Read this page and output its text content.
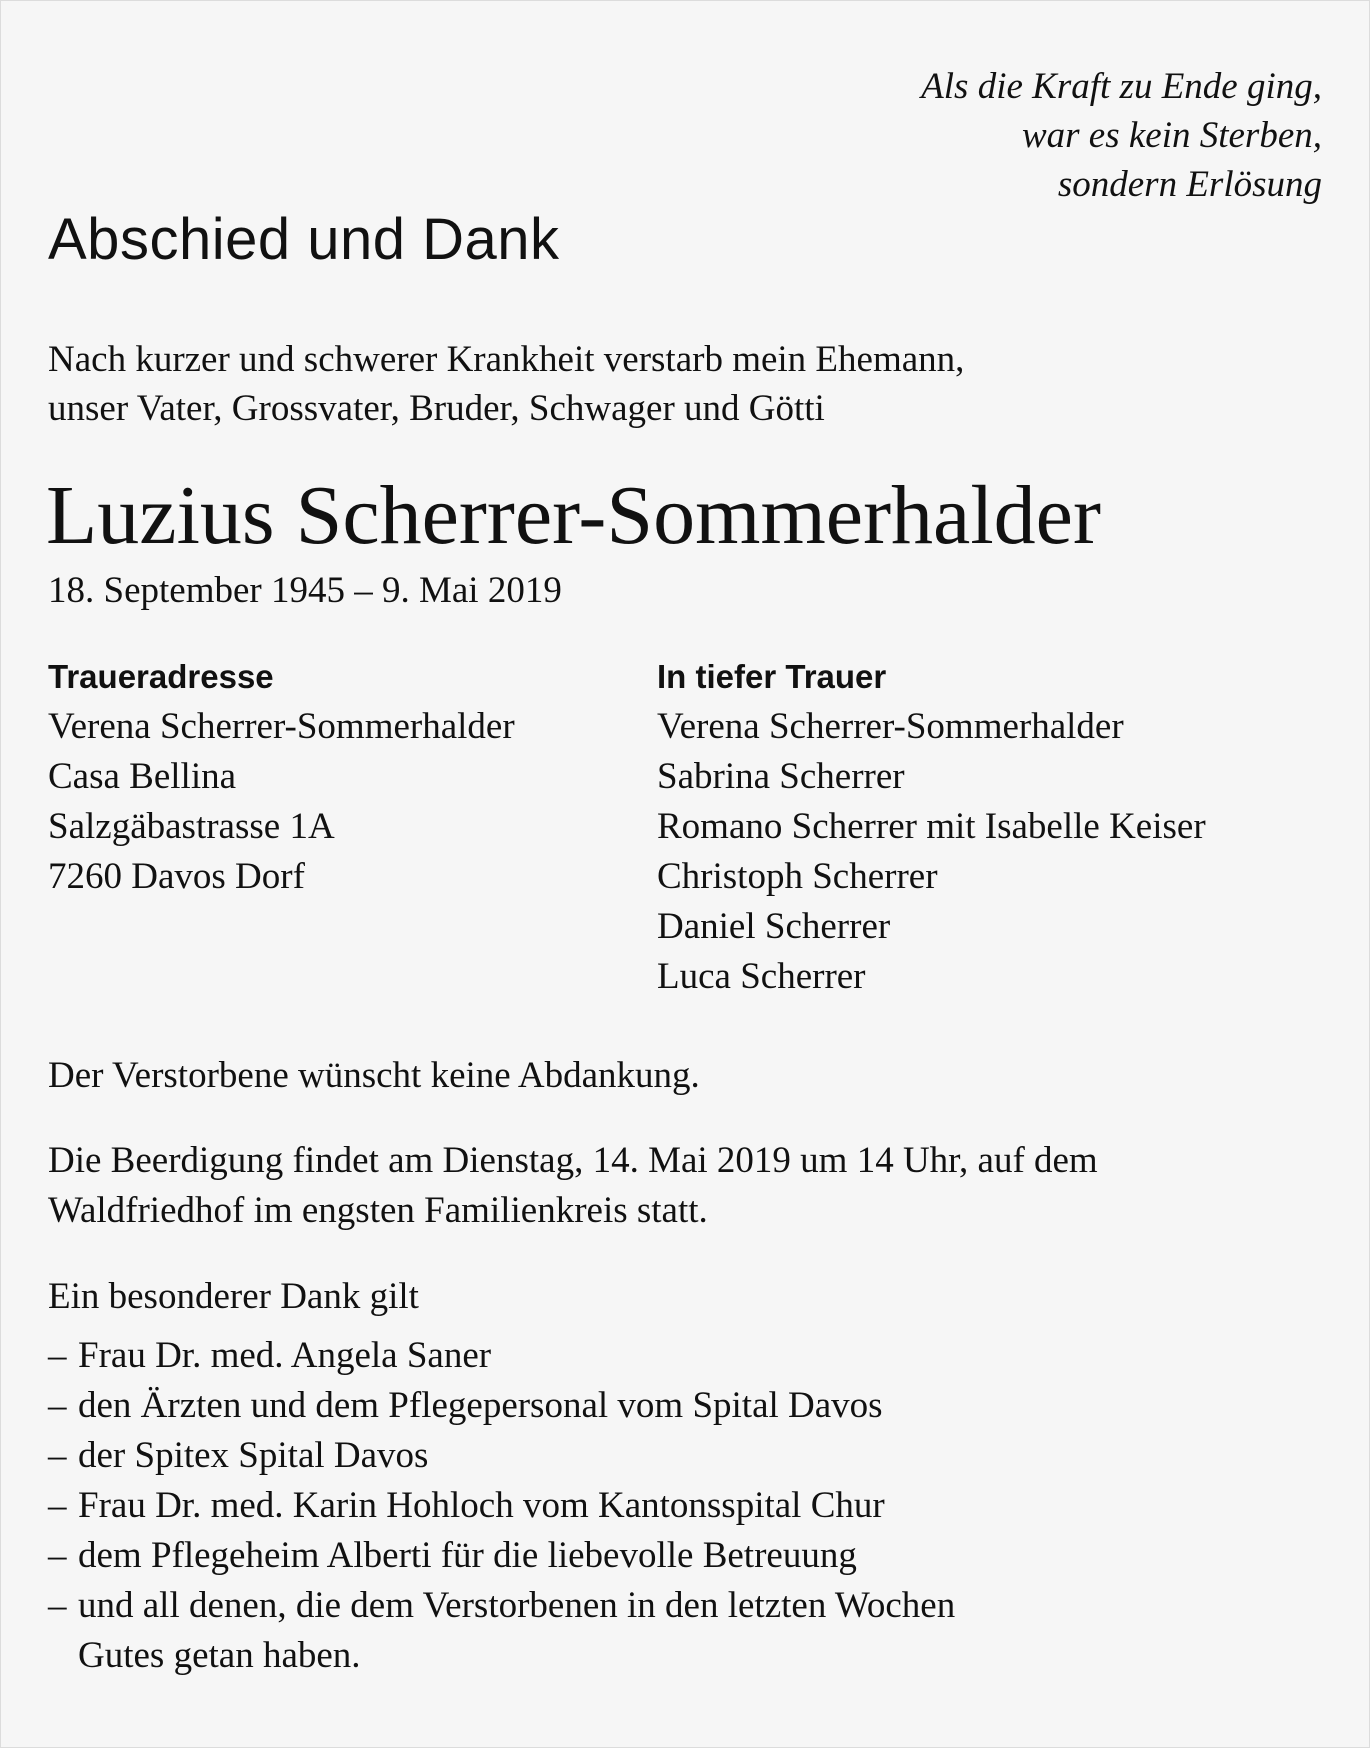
Als die Kraft zu Ende ging,
war es kein Sterben,
sondern Erlösung
Abschied und Dank
Nach kurzer und schwerer Krankheit verstarb mein Ehemann,
unser Vater, Grossvater, Bruder, Schwager und Götti
Luzius Scherrer-Sommerhalder
18. September 1945 – 9. Mai 2019
Traueradresse
Verena Scherrer-Sommerhalder
Casa Bellina
Salzgäbastrasse 1A
7260 Davos Dorf
In tiefer Trauer
Verena Scherrer-Sommerhalder
Sabrina Scherrer
Romano Scherrer mit Isabelle Keiser
Christoph Scherrer
Daniel Scherrer
Luca Scherrer
Der Verstorbene wünscht keine Abdankung.
Die Beerdigung findet am Dienstag, 14. Mai 2019 um 14 Uhr, auf dem
Waldfriedhof im engsten Familienkreis statt.
Ein besonderer Dank gilt
– Frau Dr. med. Angela Saner
– den Ärzten und dem Pflegepersonal vom Spital Davos
– der Spitex Spital Davos
– Frau Dr. med. Karin Hohloch vom Kantonsspital Chur
– dem Pflegeheim Alberti für die liebevolle Betreuung
– und all denen, die dem Verstorbenen in den letzten Wochen
Gutes getan haben.
